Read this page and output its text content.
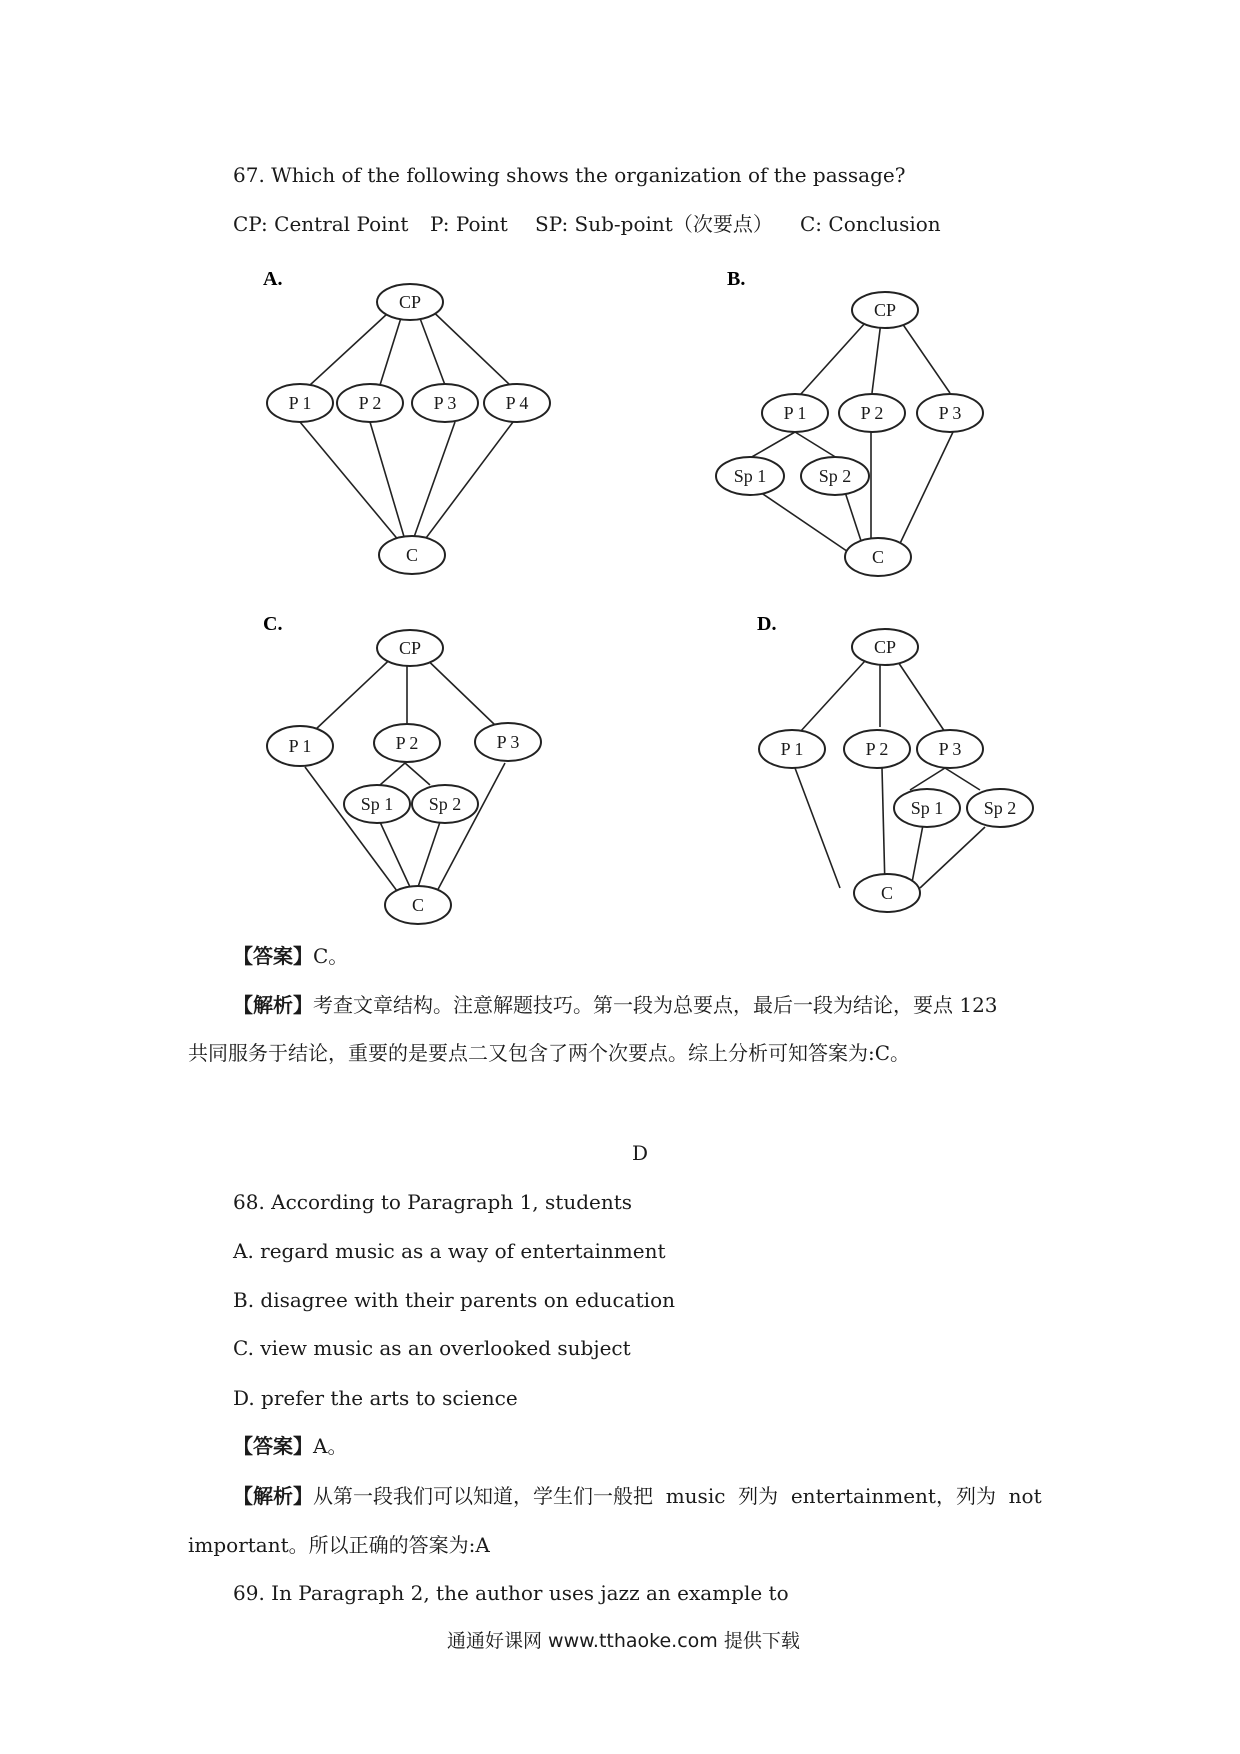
67. Which of the following shows the organization of the passage?
CP: Central Point P: Point SP: Sub-point（次要点） C: Conclusion
A.
CP
P 1	P 2	P 3	P 4
C
B.
CP
P 1	P 2	P 3
Sp 1	Sp 2
C
C.
CP
P 1	P 2	P 3
Sp 1 Sp 2
C
D.
CP
P 1	P 2	P 3
Sp 1 Sp 2
C
【答案】C。
【解析】考查文章结构。注意解题技巧。第一段为总要点，最后一段为结论，要点 123
共同服务于结论，重要的是要点二又包含了两个次要点。综上分析可知答案为:C。
D
68. According to Paragraph 1, students
A. regard music as a way of entertainment
B. disagree with their parents on education
C. view music as an overlooked subject
D. prefer the arts to science
【答案】A。
【解析】从第一段我们可以知道，学生们一般把  music  列为  entertainment，列为  not
important。所以正确的答案为:A
69. In Paragraph 2, the author uses jazz an example to
通通好课网 www.tthaoke.com 提供下载
